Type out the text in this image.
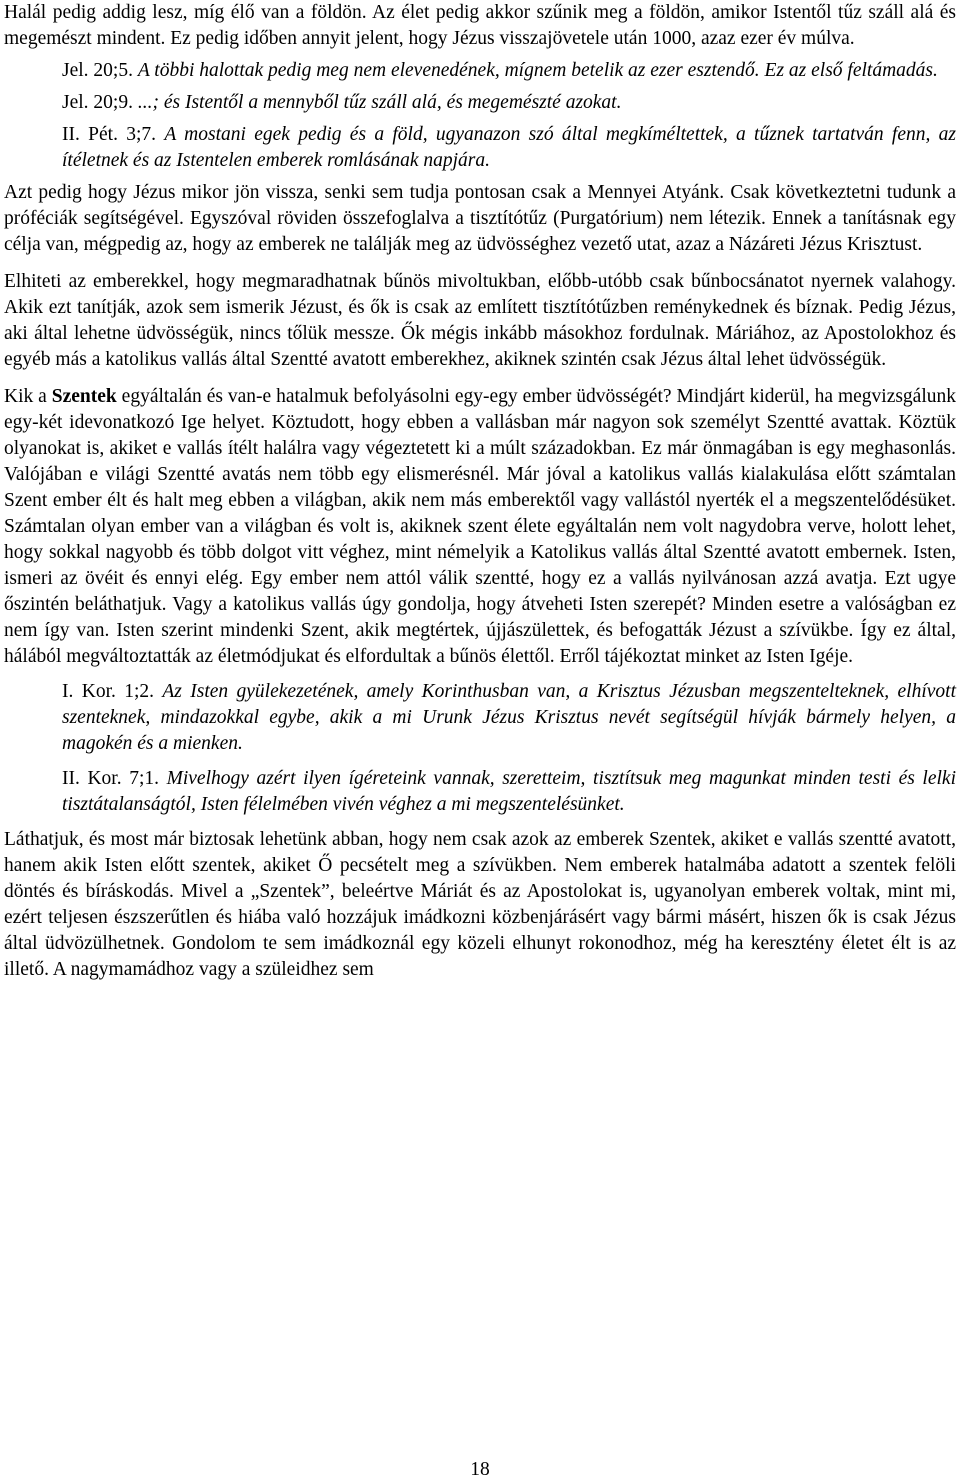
Halál pedig addig lesz, míg élő van a földön. Az élet pedig akkor szűnik meg a földön, amikor Istentől tűz száll alá és megemészt mindent. Ez pedig időben annyit jelent, hogy Jézus visszajövetele után 1000, azaz ezer év múlva.

Jel. 20;5. A többi halottak pedig meg nem elevenedének, mígnem betelik az ezer esztendő. Ez az első feltámadás.

Jel. 20;9. ...; és Istentől a mennyből tűz száll alá, és megemészté azokat.

II. Pét. 3;7. A mostani egek pedig és a föld, ugyanazon szó által megkíméltettek, a tűznek tartatván fenn, az ítéletnek és az Istentelen emberek romlásának napjára.

Azt pedig hogy Jézus mikor jön vissza, senki sem tudja pontosan csak a Mennyei Atyánk. Csak következtetni tudunk a próféciák segítségével. Egyszóval röviden összefoglalva a tisztítótűz (Purgatórium) nem létezik. Ennek a tanításnak egy célja van, mégpedig az, hogy az emberek ne találják meg az üdvösséghez vezető utat, azaz a Názáreti Jézus Krisztust.

Elhiteti az emberekkel, hogy megmaradhatnak bűnös mivoltukban, előbb-utóbb csak bűnbocsánatot nyernek valahogy. Akik ezt tanítják, azok sem ismerik Jézust, és ők is csak az említett tisztítótűzben reménykednek és bíznak. Pedig Jézus, aki által lehetne üdvösségük, nincs tőlük messze. Ők mégis inkább másokhoz fordulnak. Máriához, az Apostolokhoz és egyéb más a katolikus vallás által Szentté avatott emberekhez, akiknek szintén csak Jézus által lehet üdvösségük.

Kik a Szentek egyáltalán és van-e hatalmuk befolyásolni egy-egy ember üdvösségét? Mindjárt kiderül, ha megvizsgálunk egy-két idevonatkozó Ige helyet. Köztudott, hogy ebben a vallásban már nagyon sok személyt Szentté avattak. Köztük olyanokat is, akiket e vallás ítélt halálra vagy végeztetett ki a múlt századokban. Ez már önmagában is egy meghasonlás. Valójában e világi Szentté avatás nem több egy elismerésnél. Már jóval a katolikus vallás kialakulása előtt számtalan Szent ember élt és halt meg ebben a világban, akik nem más emberektől vagy vallástól nyerték el a megszentelődésüket. Számtalan olyan ember van a világban és volt is, akiknek szent élete egyáltalán nem volt nagydobra verve, holott lehet, hogy sokkal nagyobb és több dolgot vitt véghez, mint némelyik a Katolikus vallás által Szentté avatott embernek. Isten, ismeri az övéit és ennyi elég. Egy ember nem attól válik szentté, hogy ez a vallás nyilvánosan azzá avatja. Ezt ugye őszintén beláthatjuk. Vagy a katolikus vallás úgy gondolja, hogy átveheti Isten szerepét? Minden esetre a valóságban ez nem így van. Isten szerint mindenki Szent, akik megtértek, újjászülettek, és befogatták Jézust a szívükbe. Így ez által, hálából megváltoztatták az életmódjukat és elfordultak a bűnös élettől. Erről tájékoztat minket az Isten Igéje.

I. Kor. 1;2. Az Isten gyülekezetének, amely Korinthusban van, a Krisztus Jézusban megszentelteknek, elhívott szenteknek, mindazokkal egybe, akik a mi Urunk Jézus Krisztus nevét segítségül hívják bármely helyen, a magokén és a mienken.

II. Kor. 7;1. Mivelhogy azért ilyen ígéreteink vannak, szeretteim, tisztítsuk meg magunkat minden testi és lelki tisztátalanságtól, Isten félelmében vivén véghez a mi megszentelésünket.

Láthatjuk, és most már biztosak lehetünk abban, hogy nem csak azok az emberek Szentek, akiket e vallás szentté avatott, hanem akik Isten előtt szentek, akiket Ő pecsételt meg a szívükben. Nem emberek hatalmába adatott a szentek felöli döntés és bíráskodás. Mivel a „Szentek”, beleértve Máriát és az Apostolokat is, ugyanolyan emberek voltak, mint mi, ezért teljesen észszerűtlen és hiába való hozzájuk imádkozni közbenjárásért vagy bármi másért, hiszen ők is csak Jézus által üdvözülhetnek. Gondolom te sem imádkoznál egy közeli elhunyt rokonodhoz, még ha keresztény életet élt is az illető. A nagymamádhoz vagy a szüleidhez sem

18
